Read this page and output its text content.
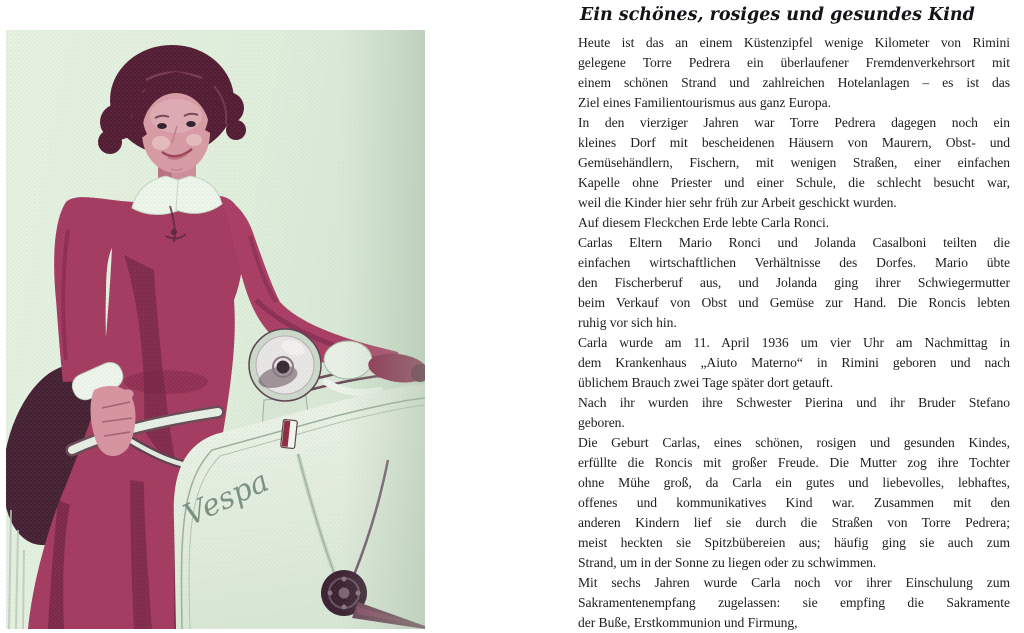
Ein schönes, rosiges und gesundes Kind
Heute ist das an einem Küstenzipfel wenige Kilometer von Rimini
gelegene Torre Pedrera ein überlaufener Fremdenverkehrsort mit
einem schönen Strand und zahlreichen Hotelanlagen – es ist das
Ziel eines Familientourismus aus ganz Europa.
In den vierziger Jahren war Torre Pedrera dagegen noch ein
kleines Dorf mit bescheidenen Häusern von Maurern, Obst- und
Gemüsehändlern, Fischern, mit wenigen Straßen, einer einfachen
Kapelle ohne Priester und einer Schule, die schlecht besucht war,
weil die Kinder hier sehr früh zur Arbeit geschickt wurden.
Auf diesem Fleckchen Erde lebte Carla Ronci.
Carlas Eltern Mario Ronci und Jolanda Casalboni teilten die
einfachen wirtschaftlichen Verhältnisse des Dorfes. Mario übte
den Fischerberuf aus, und Jolanda ging ihrer Schwiegermutter
beim Verkauf von Obst und Gemüse zur Hand. Die Roncis lebten
ruhig vor sich hin.
Carla wurde am 11. April 1936 um vier Uhr am Nachmittag in
dem Krankenhaus „Aiuto Materno“ in Rimini geboren und nach
üblichem Brauch zwei Tage später dort getauft.
Nach ihr wurden ihre Schwester Pierina und ihr Bruder Stefano
geboren.
Die Geburt Carlas, eines schönen, rosigen und gesunden Kindes,
erfüllte die Roncis mit großer Freude. Die Mutter zog ihre Tochter
ohne Mühe groß, da Carla ein gutes und liebevolles, lebhaftes,
offenes und kommunikatives Kind war. Zusammen mit den
anderen Kindern lief sie durch die Straßen von Torre Pedrera;
meist heckten sie Spitzbübereien aus; häufig ging sie auch zum
Strand, um in der Sonne zu liegen oder zu schwimmen.
Mit sechs Jahren wurde Carla noch vor ihrer Einschulung zum
Sakramentenempfang zugelassen: sie empfing die Sakramente
der Buße, Erstkommunion und Firmung,
